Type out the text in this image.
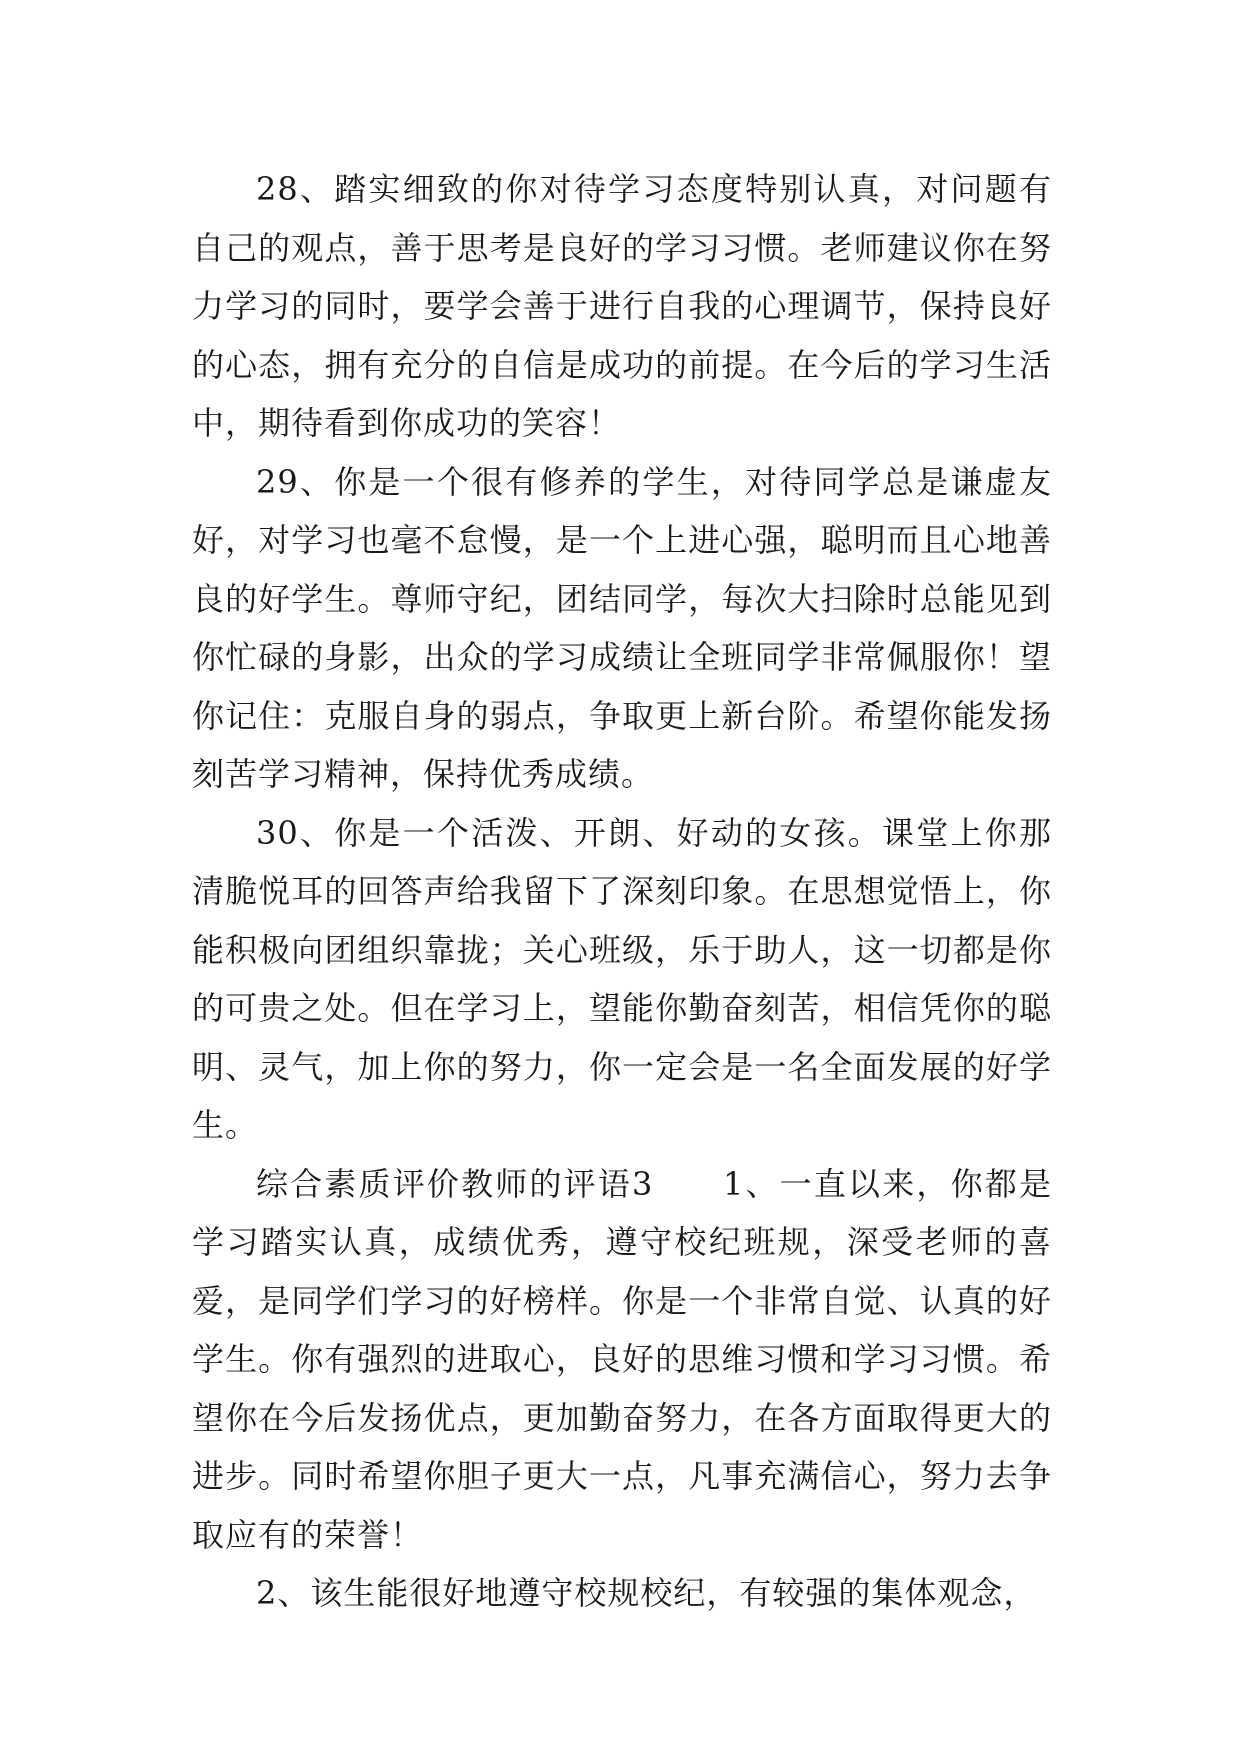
28、踏实细致的你对待学习态度特别认真，对问题有自己的观点，善于思考是良好的学习习惯。老师建议你在努力学习的同时，要学会善于进行自我的心理调节，保持良好的心态，拥有充分的自信是成功的前提。在今后的学习生活中，期待看到你成功的笑容！

29、你是一个很有修养的学生，对待同学总是谦虚友好，对学习也毫不怠慢，是一个上进心强，聪明而且心地善良的好学生。尊师守纪，团结同学，每次大扫除时总能见到你忙碌的身影，出众的学习成绩让全班同学非常佩服你！望你记住：克服自身的弱点，争取更上新台阶。希望你能发扬刻苦学习精神，保持优秀成绩。

30、你是一个活泼、开朗、好动的女孩。课堂上你那清脆悦耳的回答声给我留下了深刻印象。在思想觉悟上，你能积极向团组织靠拢；关心班级，乐于助人，这一切都是你的可贵之处。但在学习上，望能你勤奋刻苦，相信凭你的聪明、灵气，加上你的努力，你一定会是一名全面发展的好学生。

综合素质评价教师的评语3　　1、一直以来，你都是学习踏实认真，成绩优秀，遵守校纪班规，深受老师的喜爱，是同学们学习的好榜样。你是一个非常自觉、认真的好学生。你有强烈的进取心，良好的思维习惯和学习习惯。希望你在今后发扬优点，更加勤奋努力，在各方面取得更大的进步。同时希望你胆子更大一点，凡事充满信心，努力去争取应有的荣誉！

2、该生能很好地遵守校规校纪，有较强的集体观念，
